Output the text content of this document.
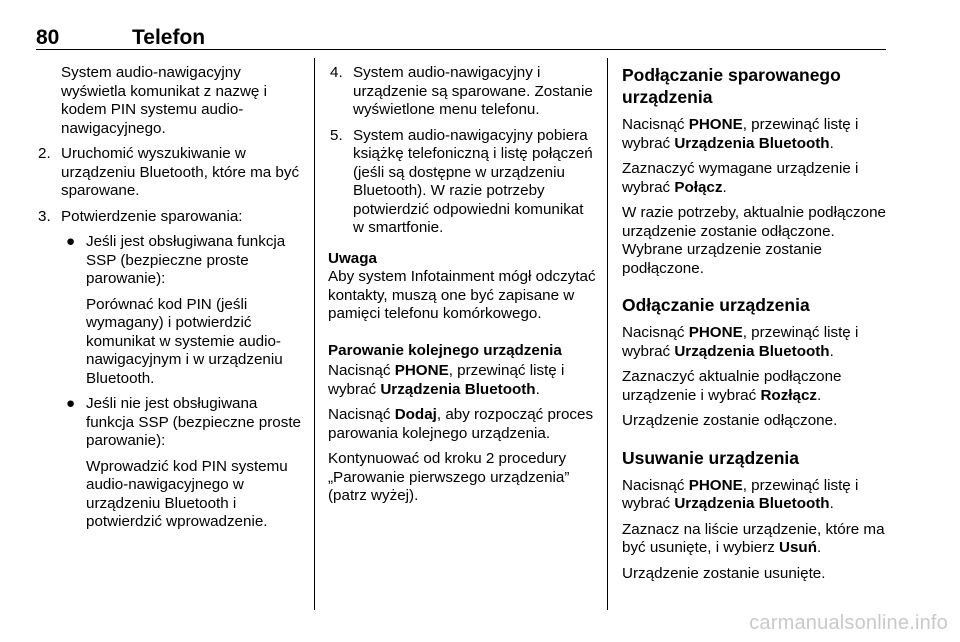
80	Telefon

System audio-nawigacyjny wyświetla komunikat z nazwę i kodem PIN systemu audio-nawigacyjnego.

2. Uruchomić wyszukiwanie w urządzeniu Bluetooth, które ma być sparowane.
3. Potwierdzenie sparowania:
● Jeśli jest obsługiwana funkcja SSP (bezpieczne proste parowanie):

Porównać kod PIN (jeśli wymagany) i potwierdzić komunikat w systemie audio-nawigacyjnym i w urządzeniu Bluetooth.

● Jeśli nie jest obsługiwana funkcja SSP (bezpieczne proste parowanie):

Wprowadzić kod PIN systemu audio-nawigacyjnego w urządzeniu Bluetooth i potwierdzić wprowadzenie.

4. System audio-nawigacyjny i urządzenie są sparowane. Zostanie wyświetlone menu telefonu.
5. System audio-nawigacyjny pobiera książkę telefoniczną i listę połączeń (jeśli są dostępne w urządzeniu Bluetooth). W razie potrzeby potwierdzić odpowiedni komunikat w smartfonie.
Uwaga
Aby system Infotainment mógł odczytać kontakty, muszą one być zapisane w pamięci telefonu komórkowego.
Parowanie kolejnego urządzenia

Nacisnąć PHONE, przewinąć listę i wybrać Urządzenia Bluetooth.

Nacisnąć Dodaj, aby rozpocząć proces parowania kolejnego urządzenia.

Kontynuować od kroku 2 procedury „Parowanie pierwszego urządzenia” (patrz wyżej).

Podłączanie sparowanego urządzenia

Nacisnąć PHONE, przewinąć listę i wybrać Urządzenia Bluetooth.

Zaznaczyć wymagane urządzenie i wybrać Połącz.

W razie potrzeby, aktualnie podłączone urządzenie zostanie odłączone. Wybrane urządzenie zostanie podłączone.

Odłączanie urządzenia

Nacisnąć PHONE, przewinąć listę i wybrać Urządzenia Bluetooth.

Zaznaczyć aktualnie podłączone urządzenie i wybrać Rozłącz.

Urządzenie zostanie odłączone.

Usuwanie urządzenia

Nacisnąć PHONE, przewinąć listę i wybrać Urządzenia Bluetooth.

Zaznacz na liście urządzenie, które ma być usunięte, i wybierz Usuń.

Urządzenie zostanie usunięte.

carmanualsonline.info
